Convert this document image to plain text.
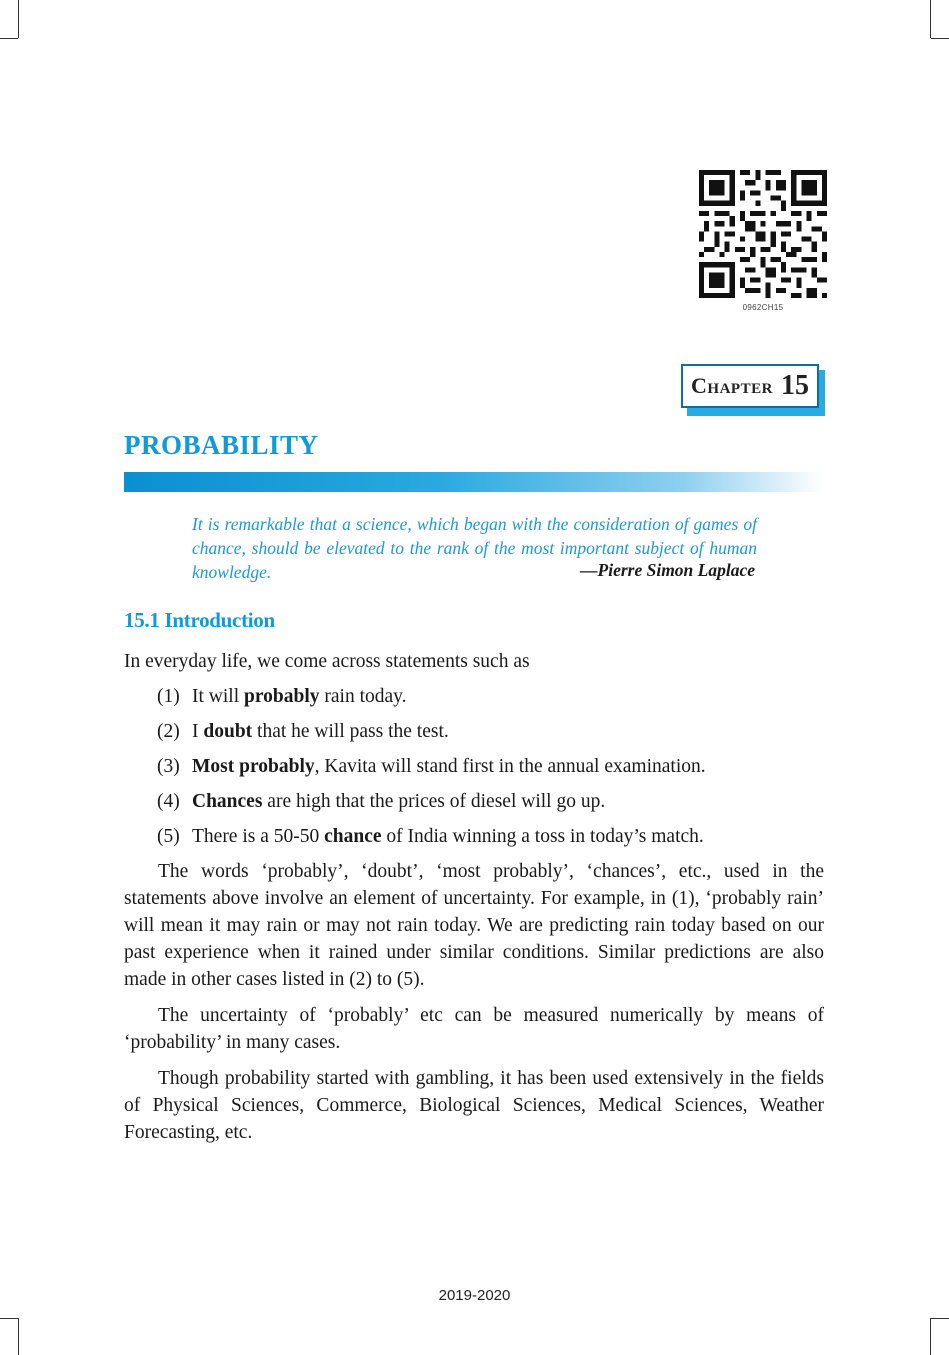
0962CH15
Chapter 15
PROBABILITY

It is remarkable that a science, which began with the consideration of games of chance, should be elevated to the rank of the most important subject of human knowledge.	—Pierre Simon Laplace
15.1 Introduction

In everyday life, we come across statements such as

(1) It will probably rain today.
(2) I doubt that he will pass the test.
(3) Most probably, Kavita will stand first in the annual examination.
(4) Chances are high that the prices of diesel will go up.
(5) There is a 50-50 chance of India winning a toss in today’s match.

The words ‘probably’, ‘doubt’, ‘most probably’, ‘chances’, etc., used in the statements above involve an element of uncertainty. For example, in (1), ‘probably rain’ will mean it may rain or may not rain today. We are predicting rain today based on our past experience when it rained under similar conditions. Similar predictions are also made in other cases listed in (2) to (5).

The uncertainty of ‘probably’ etc can be measured numerically by means of ‘probability’ in many cases.

Though probability started with gambling, it has been used extensively in the fields of Physical Sciences, Commerce, Biological Sciences, Medical Sciences, Weather Forecasting, etc.

2019-2020
